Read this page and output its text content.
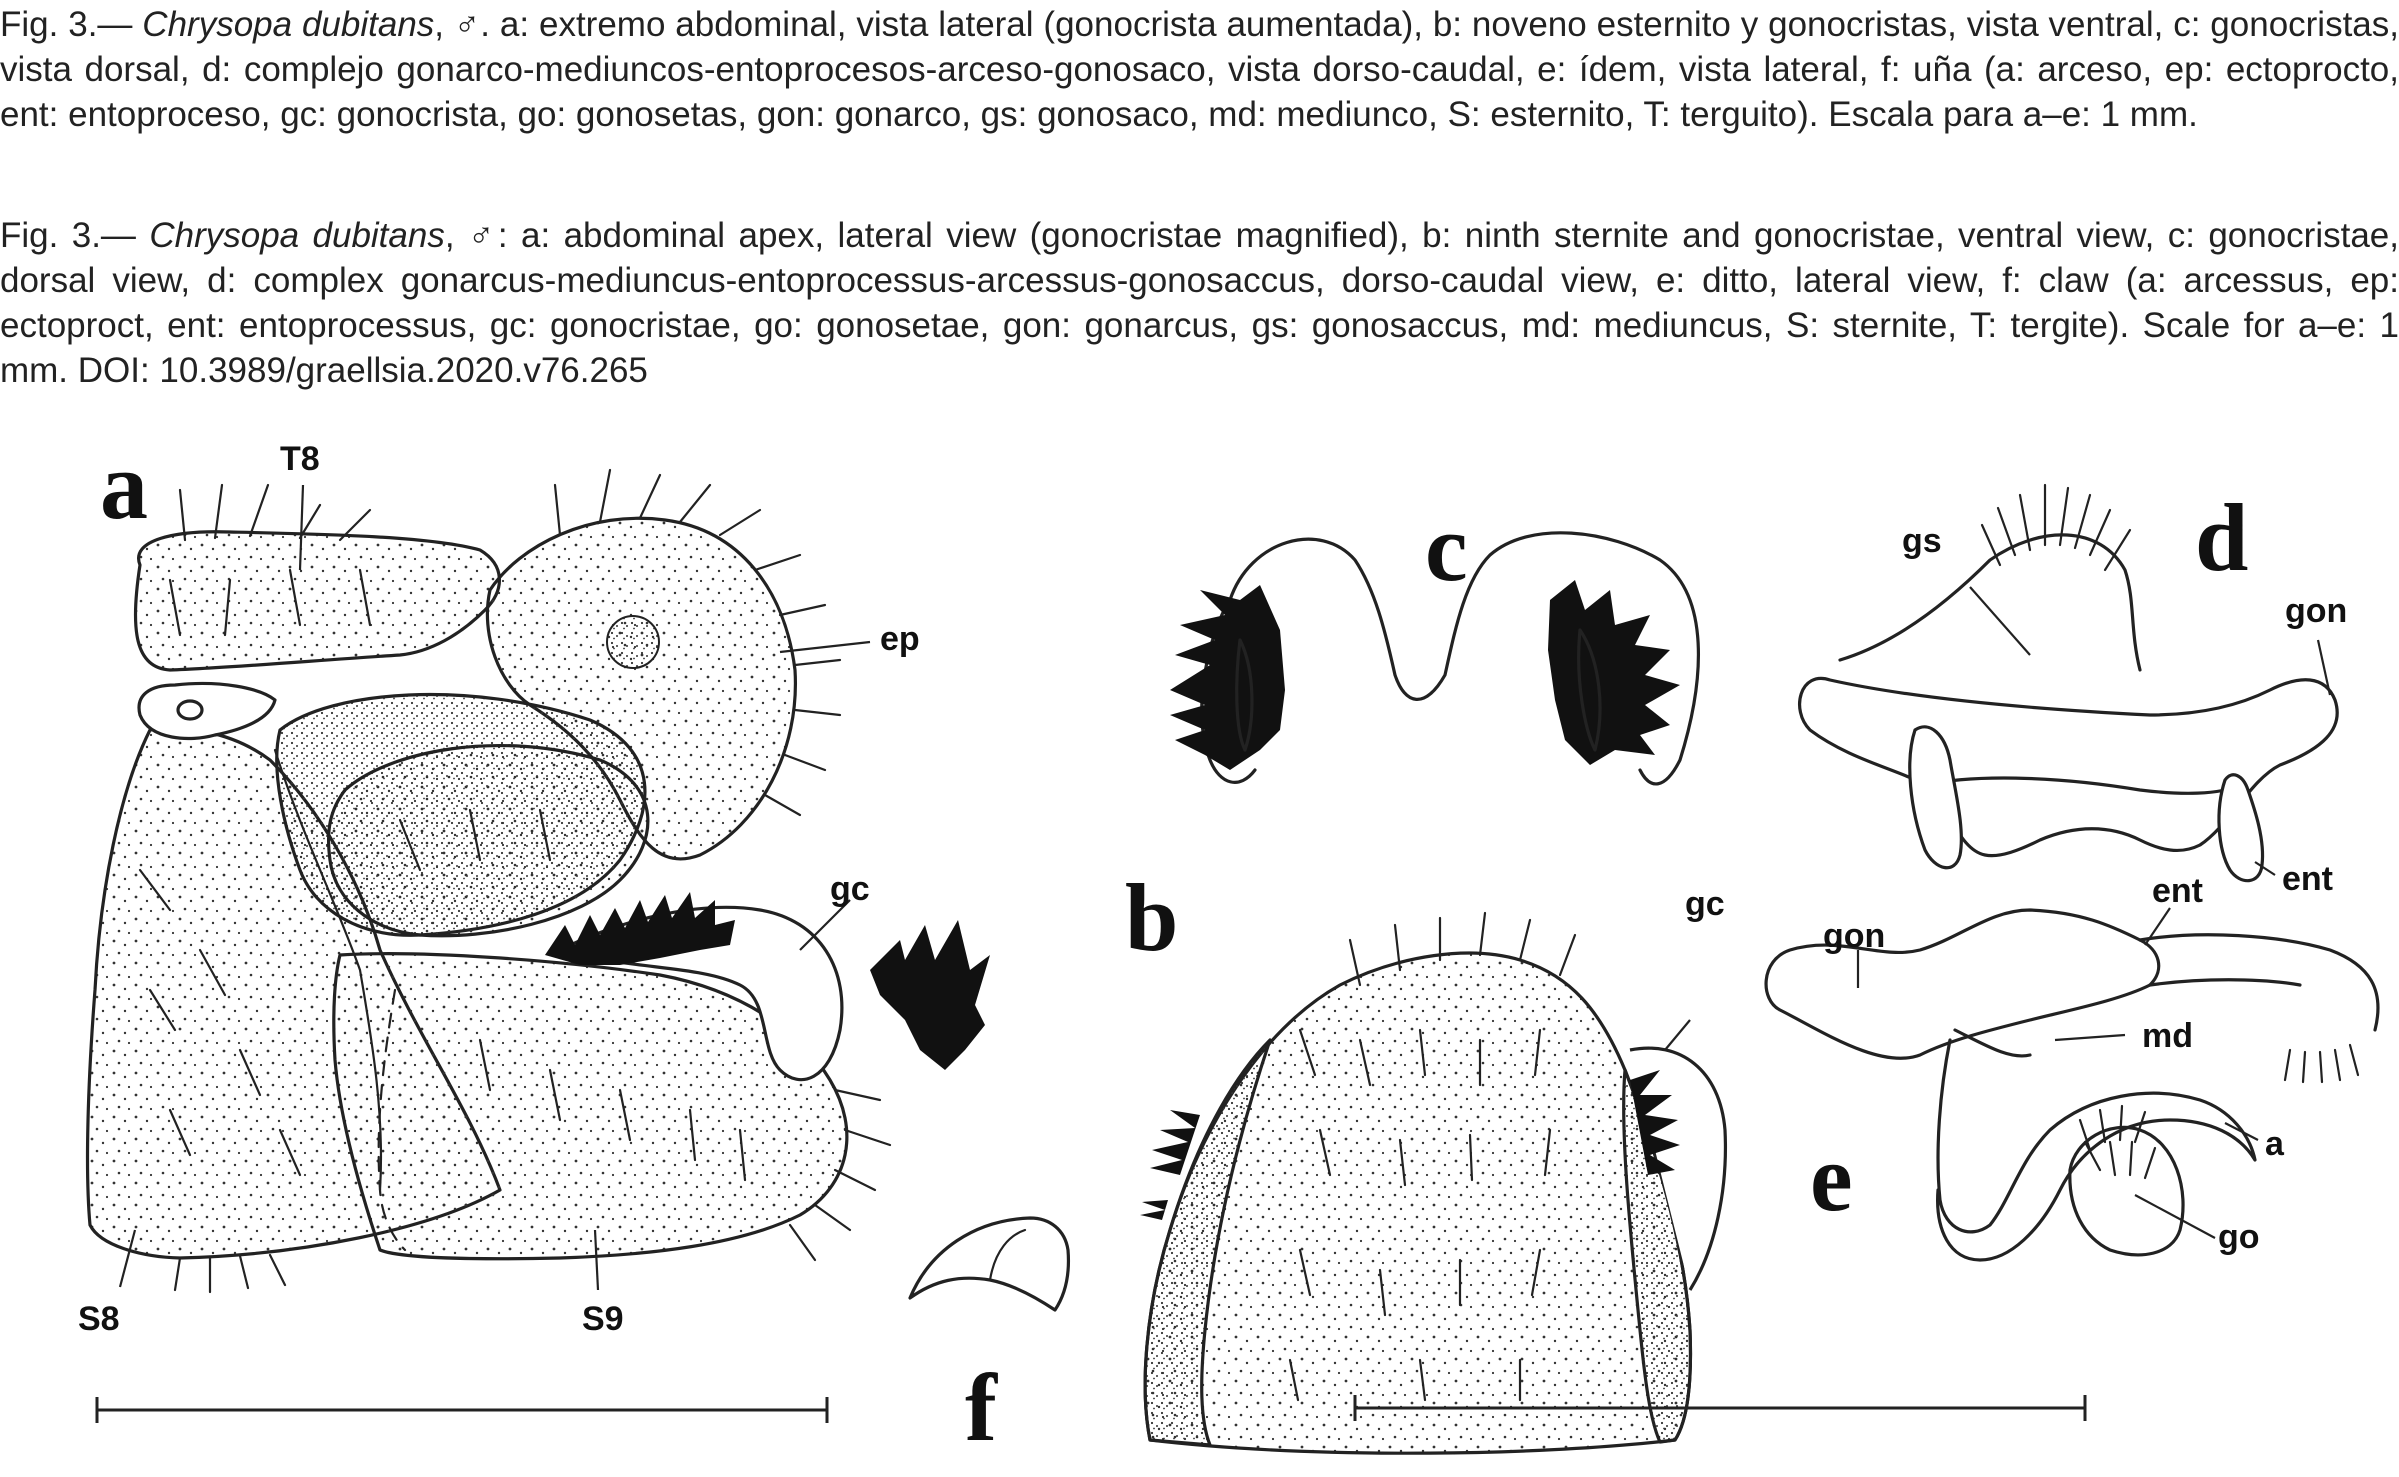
Fig. 3.— Chrysopa dubitans, ♂. a: extremo abdominal, vista lateral (gonocrista aumentada), b: noveno esternito y gonocristas, vista ventral, c: gonocristas, vista dorsal, d: complejo gonarco-mediuncos-entoprocesos-arceso-gonosaco, vista dorso-caudal, e: ídem, vista lateral, f: uña (a: arceso, ep: ectoprocto, ent: entoproceso, gc: gonocrista, go: gonosetas, gon: gonarco, gs: gonosaco, md: mediunco, S: esternito, T: terguito). Escala para a–e: 1 mm.
Fig. 3.— Chrysopa dubitans, ♂: a: abdominal apex, lateral view (gonocristae magnified), b: ninth sternite and gonocristae, ventral view, c: gonocristae, dorsal view, d: complex gonarcus-mediuncus-entoprocessus-arcessus-gonosaccus, dorso-caudal view, e: ditto, lateral view, f: claw (a: arcessus, ep: ectoproct, ent: entoprocessus, gc: gonocristae, go: gonosetae, gon: gonarcus, gs: gonosaccus, md: mediuncus, S: sternite, T: tergite). Scale for a–e: 1 mm. DOI: 10.3989/graellsia.2020.v76.265
a	T8
ep
gc
S8	S9
f
c
b	gc
d
gs
gon
ent
e
gon
ent
md
a
go
